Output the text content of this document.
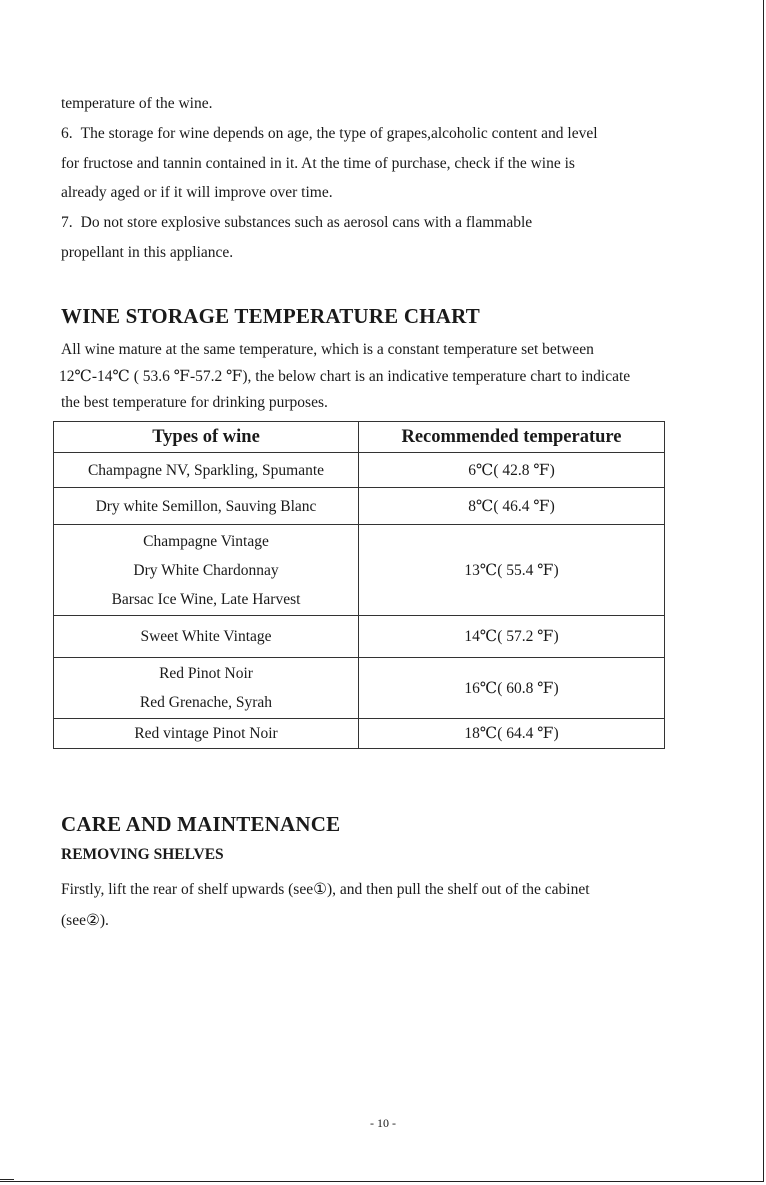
temperature of the wine.

6. The storage for wine depends on age, the type of grapes,alcoholic content and level

for fructose and tannin contained in it. At the time of purchase, check if the wine is

already aged or if it will improve over time.

7. Do not store explosive substances such as aerosol cans with a flammable

propellant in this appliance.

WINE STORAGE TEMPERATURE CHART

All wine mature at the same temperature, which is a constant temperature set between

12℃-14℃ ( 53.6 ℉-57.2 ℉), the below chart is an indicative temperature chart to indicate

the best temperature for drinking purposes.

Types of wine	Recommended temperature

Champagne NV, Sparkling, Spumante	6℃( 42.8 ℉)

Dry white Semillon, Sauving Blanc	8℃( 46.4 ℉)

Champagne Vintage
Dry White Chardonnay
Barsac Ice Wine, Late Harvest	13℃( 55.4 ℉)

Sweet White Vintage	14℃( 57.2 ℉)

Red Pinot Noir
Red Grenache, Syrah	16℃( 60.8 ℉)

Red vintage Pinot Noir	18℃( 64.4 ℉)
CARE AND MAINTENANCE
REMOVING SHELVES

Firstly, lift the rear of shelf upwards (see①), and then pull the shelf out of the cabinet

(see②).

- 10 -
